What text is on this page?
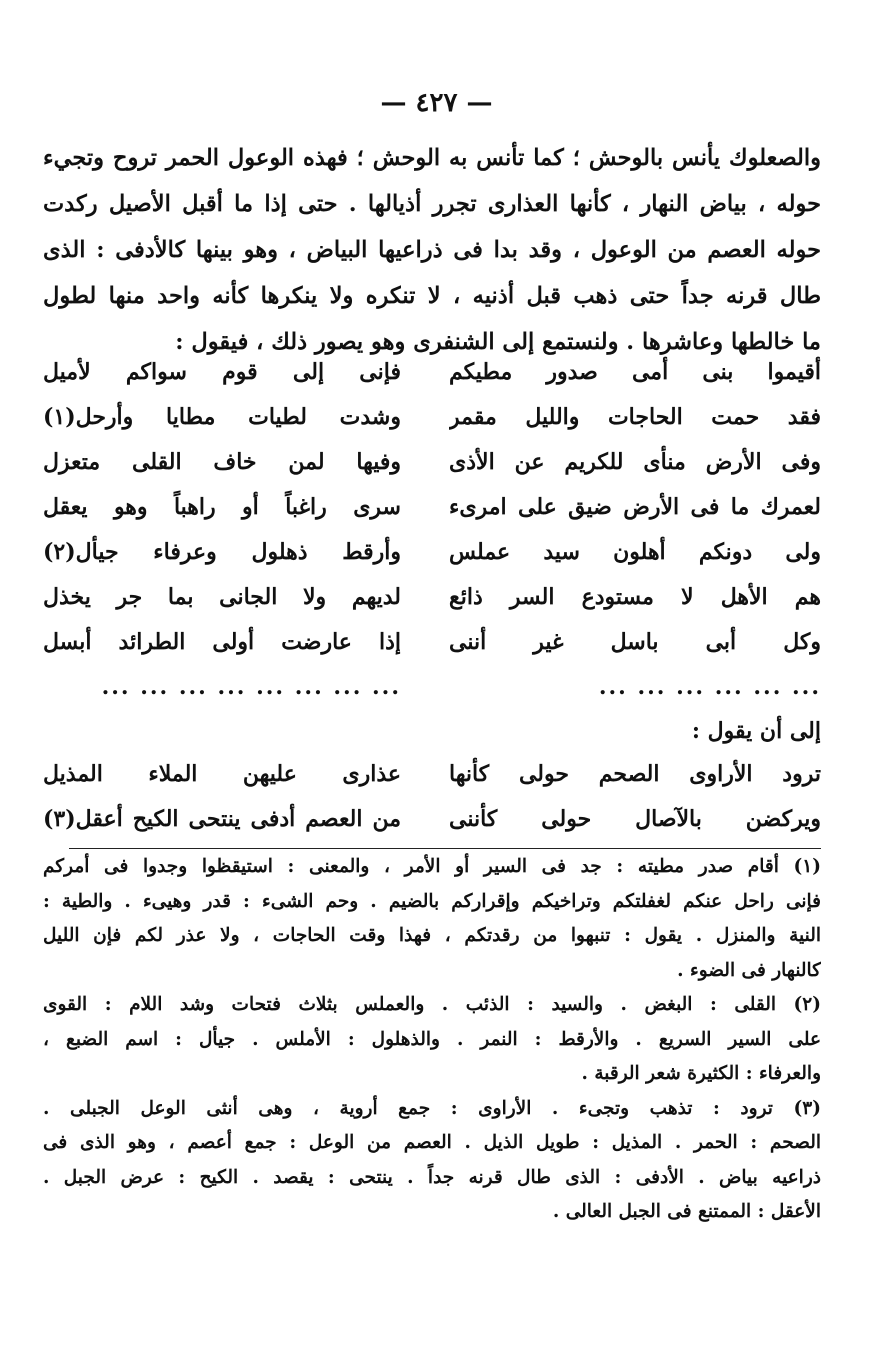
— ٤٢٧ —
والصعلوك يأنس بالوحش ؛ كما تأنس به الوحش ؛ فهذه الوعول الحمر تروح وتجيء
حوله ، بياض النهار ، كأنها العذارى تجرر أذيالها . حتى إذا ما أقبل الأصيل ركدت
حوله العصم من الوعول ، وقد بدا فى ذراعيها البياض ، وهو بينها كالأدفى : الذى
طال قرنه جداً حتى ذهب قبل أذنيه ، لا تنكره ولا ينكرها كأنه واحد منها لطول
ما خالطها وعاشرها . ولنستمع إلى الشنفرى وهو يصور ذلك ، فيقول :
أقيموا بنى أمى صدور مطيكم
فإنى إلى قوم سواكم لأميل
فقد حمت الحاجات والليل مقمر
وشدت لطيات مطايا وأرحل(١)
وفى الأرض منأى للكريم عن الأذى
وفيها لمن خاف القلى متعزل
لعمرك ما فى الأرض ضيق على امرىء
سرى راغباً أو راهباً وهو يعقل
ولى دونكم أهلون سيد عملس
وأرقط ذهلول وعرفاء جيأل(٢)
هم الأهل لا مستودع السر ذائع
لديهم ولا الجانى بما جر يخذل
وكل أبى باسل غير أننى
إذا عارضت أولى الطرائد أبسل
... ... ... ... ... ...
... ... ... ... ... ... ... ...
إلى أن يقول :
ترود الأراوى الصحم حولى كأنها
عذارى عليهن الملاء المذيل
ويركضن بالآصال حولى كأننى
من العصم أدفى ينتحى الكيح أعقل(٣)
(١) أقام صدر مطيته : جد فى السير أو الأمر ، والمعنى : استيقظوا وجدوا فى أمركم
فإنى راحل عنكم لغفلتكم وتراخيكم وإقراركم بالضيم . وحم الشىء : قدر وهيىء . والطية :
النية والمنزل . يقول : تنبهوا من رقدتكم ، فهذا وقت الحاجات ، ولا عذر لكم فإن الليل
كالنهار فى الضوء .
(٢) القلى : البغض . والسيد : الذئب . والعملس بثلاث فتحات وشد اللام : القوى
على السير السريع . والأرقط : النمر . والذهلول : الأملس . جيأل : اسم الضبع ،
والعرفاء : الكثيرة شعر الرقبة .
(٣) ترود : تذهب وتجىء . الأراوى : جمع أروية ، وهى أنثى الوعل الجبلى .
الصحم : الحمر . المذيل : طويل الذيل . العصم من الوعل : جمع أعصم ، وهو الذى فى
ذراعيه بياض . الأدفى : الذى طال قرنه جداً . ينتحى : يقصد . الكيح : عرض الجبل .
الأعقل : الممتنع فى الجبل العالى .
